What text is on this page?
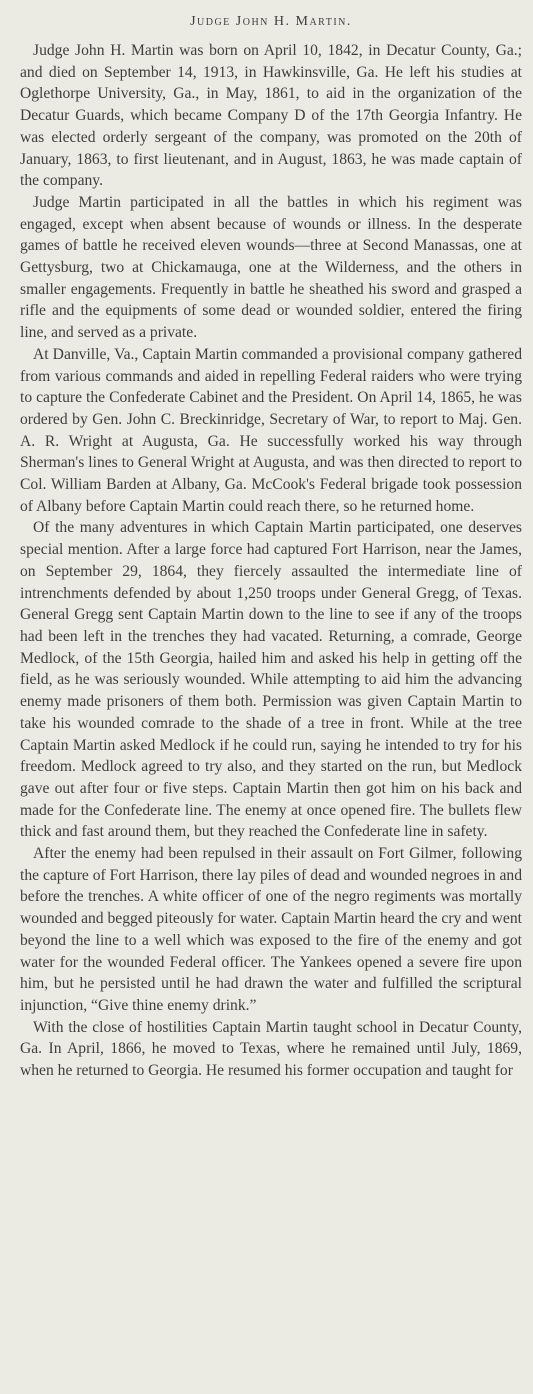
Judge John H. Martin.

Judge John H. Martin was born on April 10, 1842, in Decatur County, Ga.; and died on September 14, 1913, in Hawkinsville, Ga. He left his studies at Oglethorpe University, Ga., in May, 1861, to aid in the organization of the Decatur Guards, which became Company D of the 17th Georgia Infantry. He was elected orderly sergeant of the company, was promoted on the 20th of January, 1863, to first lieutenant, and in August, 1863, he was made captain of the company.

Judge Martin participated in all the battles in which his regiment was engaged, except when absent because of wounds or illness. In the desperate games of battle he received eleven wounds—three at Second Manassas, one at Gettysburg, two at Chickamauga, one at the Wilderness, and the others in smaller engagements. Frequently in battle he sheathed his sword and grasped a rifle and the equipments of some dead or wounded soldier, entered the firing line, and served as a private.

At Danville, Va., Captain Martin commanded a provisional company gathered from various commands and aided in repelling Federal raiders who were trying to capture the Confederate Cabinet and the President. On April 14, 1865, he was ordered by Gen. John C. Breckinridge, Secretary of War, to report to Maj. Gen. A. R. Wright at Augusta, Ga. He successfully worked his way through Sherman's lines to General Wright at Augusta, and was then directed to report to Col. William Barden at Albany, Ga. McCook's Federal brigade took possession of Albany before Captain Martin could reach there, so he returned home.

Of the many adventures in which Captain Martin participated, one deserves special mention. After a large force had captured Fort Harrison, near the James, on September 29, 1864, they fiercely assaulted the intermediate line of intrenchments defended by about 1,250 troops under General Gregg, of Texas. General Gregg sent Captain Martin down to the line to see if any of the troops had been left in the trenches they had vacated. Returning, a comrade, George Medlock, of the 15th Georgia, hailed him and asked his help in getting off the field, as he was seriously wounded. While attempting to aid him the advancing enemy made prisoners of them both. Permission was given Captain Martin to take his wounded comrade to the shade of a tree in front. While at the tree Captain Martin asked Medlock if he could run, saying he intended to try for his freedom. Medlock agreed to try also, and they started on the run, but Medlock gave out after four or five steps. Captain Martin then got him on his back and made for the Confederate line. The enemy at once opened fire. The bullets flew thick and fast around them, but they reached the Confederate line in safety.

After the enemy had been repulsed in their assault on Fort Gilmer, following the capture of Fort Harrison, there lay piles of dead and wounded negroes in and before the trenches. A white officer of one of the negro regiments was mortally wounded and begged piteously for water. Captain Martin heard the cry and went beyond the line to a well which was exposed to the fire of the enemy and got water for the wounded Federal officer. The Yankees opened a severe fire upon him, but he persisted until he had drawn the water and fulfilled the scriptural injunction, “Give thine enemy drink.”

With the close of hostilities Captain Martin taught school in Decatur County, Ga. In April, 1866, he moved to Texas, where he remained until July, 1869, when he returned to Georgia. He resumed his former occupation and taught for
